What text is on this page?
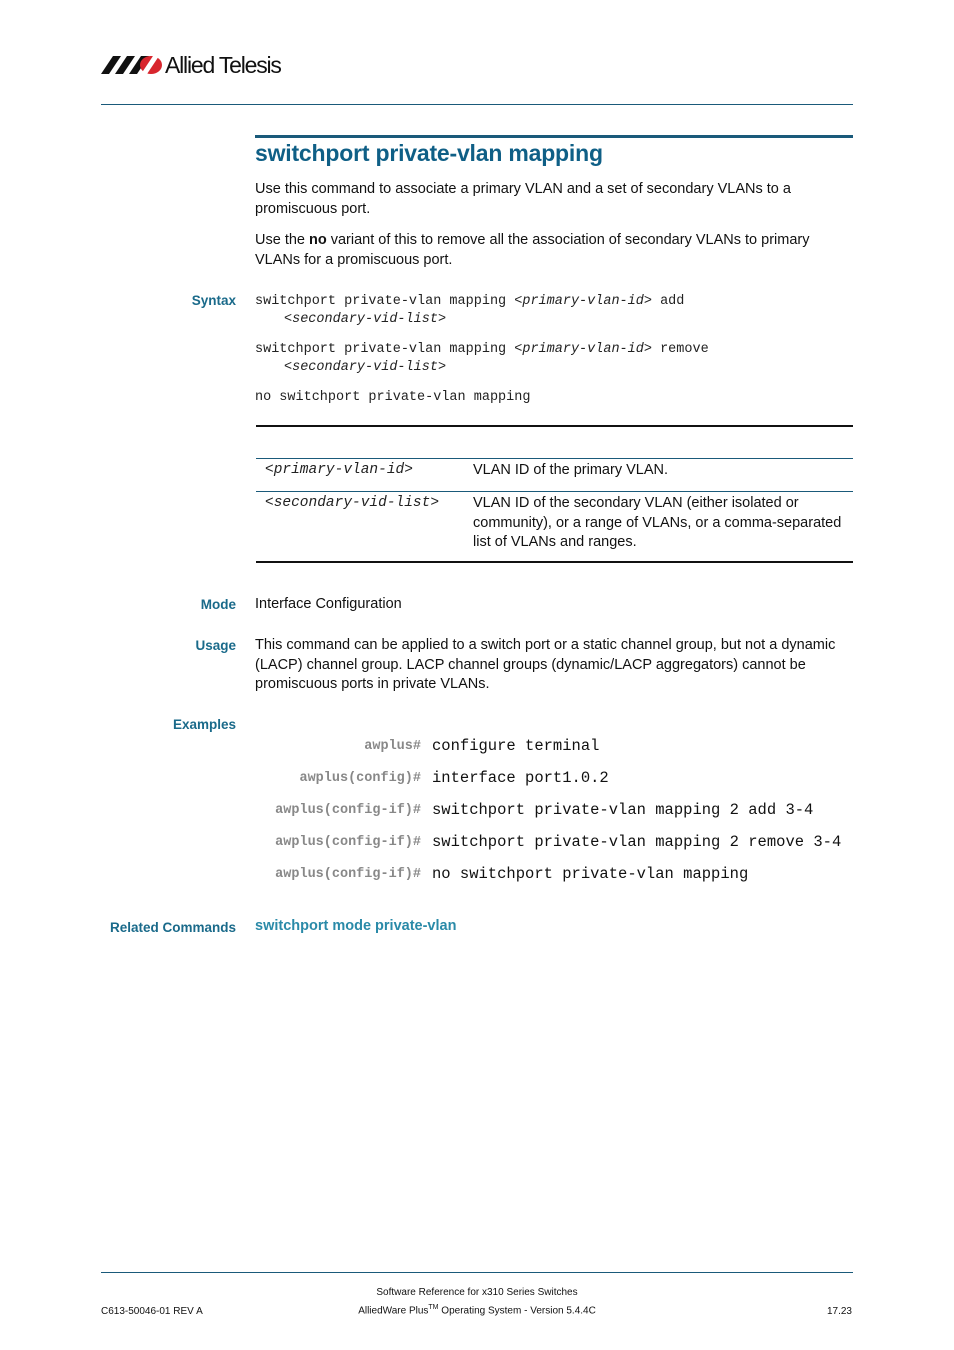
Allied Telesis
switchport private-vlan mapping
Use this command to associate a primary VLAN and a set of secondary VLANs to a promiscuous port.
Use the no variant of this to remove all the association of secondary VLANs to primary VLANs for a promiscuous port.
Syntax switchport private-vlan mapping <primary-vlan-id> add
<secondary-vid-list>
switchport private-vlan mapping <primary-vlan-id> remove
<secondary-vid-list>
no switchport private-vlan mapping
<primary-vlan-id>	VLAN ID of the primary VLAN.
<secondary-vid-list> VLAN ID of the secondary VLAN (either isolated or community), or a range of VLANs, or a comma-separated list of VLANs and ranges.
Mode Interface Configuration
Usage This command can be applied to a switch port or a static channel group, but not a dynamic (LACP) channel group. LACP channel groups (dynamic/LACP aggregators) cannot be promiscuous ports in private VLANs.
Examples
awplus# configure terminal
awplus(config)# interface port1.0.2
awplus(config-if)# switchport private-vlan mapping 2 add 3-4
awplus(config-if)# switchport private-vlan mapping 2 remove 3-4
awplus(config-if)# no switchport private-vlan mapping
Related Commands switchport mode private-vlan
C613-50046-01 REV A
Software Reference for x310 Series Switches
AlliedWare Plus™ Operating System - Version 5.4.4C	17.23
